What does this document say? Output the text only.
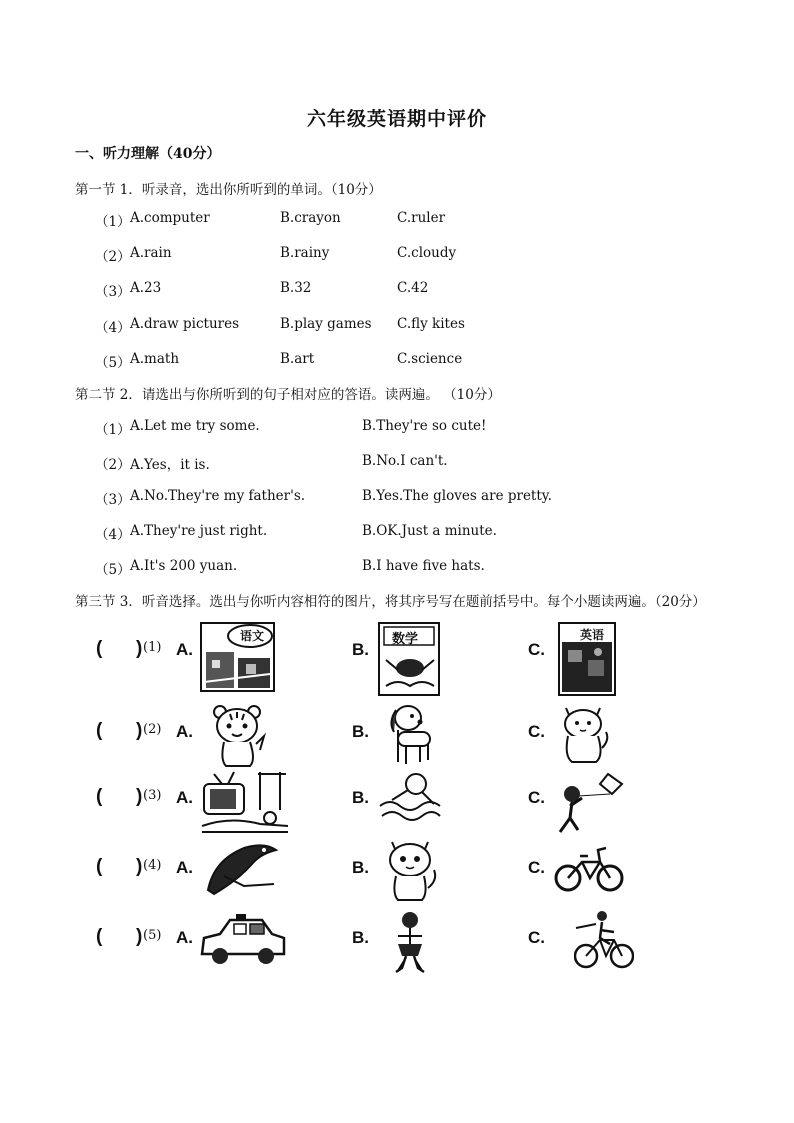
六年级英语期中评价
一、听力理解（40分）
第一节 1．听录音，选出你所听到的单词。（10分）
（1） A.computer	B.crayon	C.ruler
（2） A.rain	B.rainy	C.cloudy
（3） A.23	B.32	C.42
（4） A.draw pictures	B.play games C.fly kites
（5） A.math	B.art	C.science
第二节 2．请选出与你所听到的句子相对应的答语。读两遍。 （10分）
（1） A.Let me try some.	B.They're so cute!
（2） A.Yes，it is.	B.No.I can't.
（3） A.No.They're my father's.	B.Yes.The gloves are pretty.
（4） A.They're just right.	B.OK.Just a minute.
（5） A.It's 200 yuan.	B.I have five hats.
第三节 3．听音选择。选出与你听内容相符的图片，将其序号写在题前括号中。每个小题读两遍。（20分）
( ) (1) A.
语文
B.
数学
C.
英语
( ) (2) A.	B.	C.
( ) (3) A.	B.	C.
( ) (4) A.	B.	C.
( ) (5) A.	B.	C.
